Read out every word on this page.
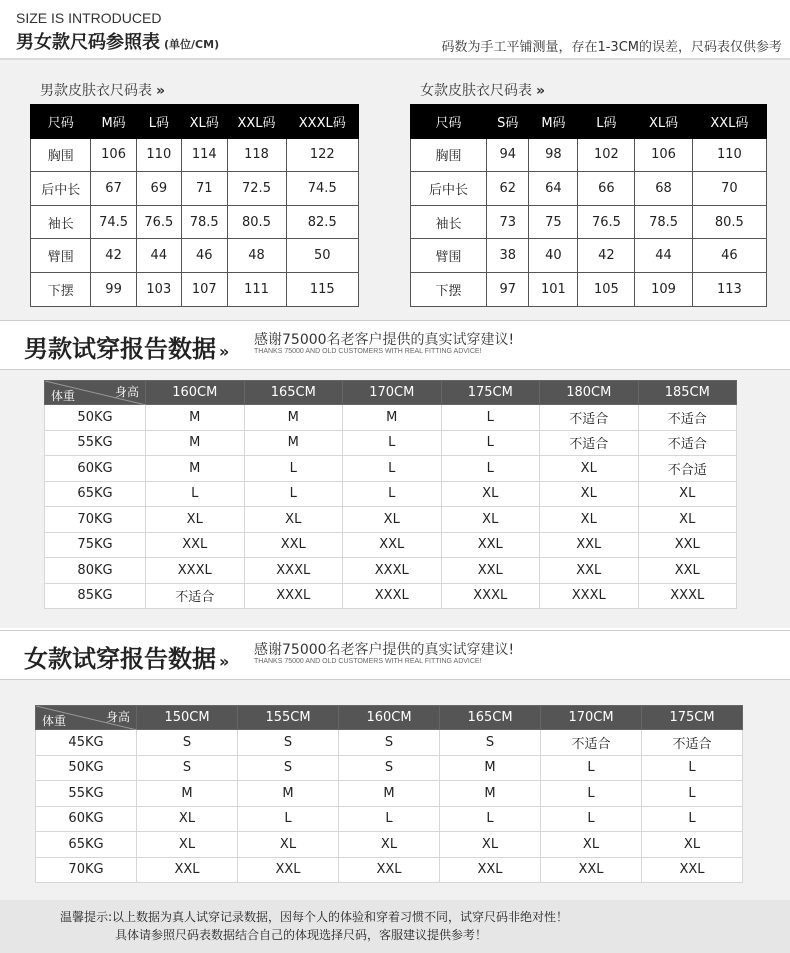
SIZE IS INTRODUCED
男女款尺码参照表 (单位/CM)	码数为手工平铺测量，存在1-3CM的误差，尺码表仅供参考
男款皮肤衣尺码表 »
尺码	M码	L码	XL码	XXL码	XXXL码
胸围	106	110	114	118	122
后中长	67	69	71	72.5	74.5
袖长	74.5	76.5	78.5	80.5	82.5
臂围	42	44	46	48	50
下摆	99	103	107	111	115
女款皮肤衣尺码表 »
尺码	S码	M码	L码	XL码	XXL码
胸围	94	98	102	106	110
后中长	62	64	66	68	70
袖长	73	75	76.5	78.5	80.5
臂围	38	40	42	44	46
下摆	97	101	105	109	113
男款试穿报告数据 »
感谢75000名老客户提供的真实试穿建议!
THANKS 75000 AND OLD CUSTOMERS WITH REAL FITTING ADVICE!
身高
体重	160CM	165CM	170CM	175CM	180CM	185CM
50KG	M	M	M	L	不适合	不适合
55KG	M	M	L	L	不适合	不适合
60KG	M	L	L	L	XL	不合适
65KG	L	L	L	XL	XL	XL
70KG	XL	XL	XL	XL	XL	XL
75KG	XXL	XXL	XXL	XXL	XXL	XXL
80KG	XXXL	XXXL	XXXL	XXL	XXL	XXL
85KG	不适合	XXXL	XXXL	XXXL	XXXL	XXXL
女款试穿报告数据 »
感谢75000名老客户提供的真实试穿建议!
THANKS 75000 AND OLD CUSTOMERS WITH REAL FITTING ADVICE!
身高
体重	150CM	155CM	160CM	165CM	170CM	175CM
45KG	S	S	S	S	不适合	不适合
50KG	S	S	S	M	L	L
55KG	M	M	M	M	L	L
60KG	XL	L	L	L	L	L
65KG	XL	XL	XL	XL	XL	XL
70KG	XXL	XXL	XXL	XXL	XXL	XXL
温馨提示:以上数据为真人试穿记录数据，因每个人的体验和穿着习惯不同，试穿尺码非绝对性！
具体请参照尺码表数据结合自己的体现选择尺码，客服建议提供参考！
